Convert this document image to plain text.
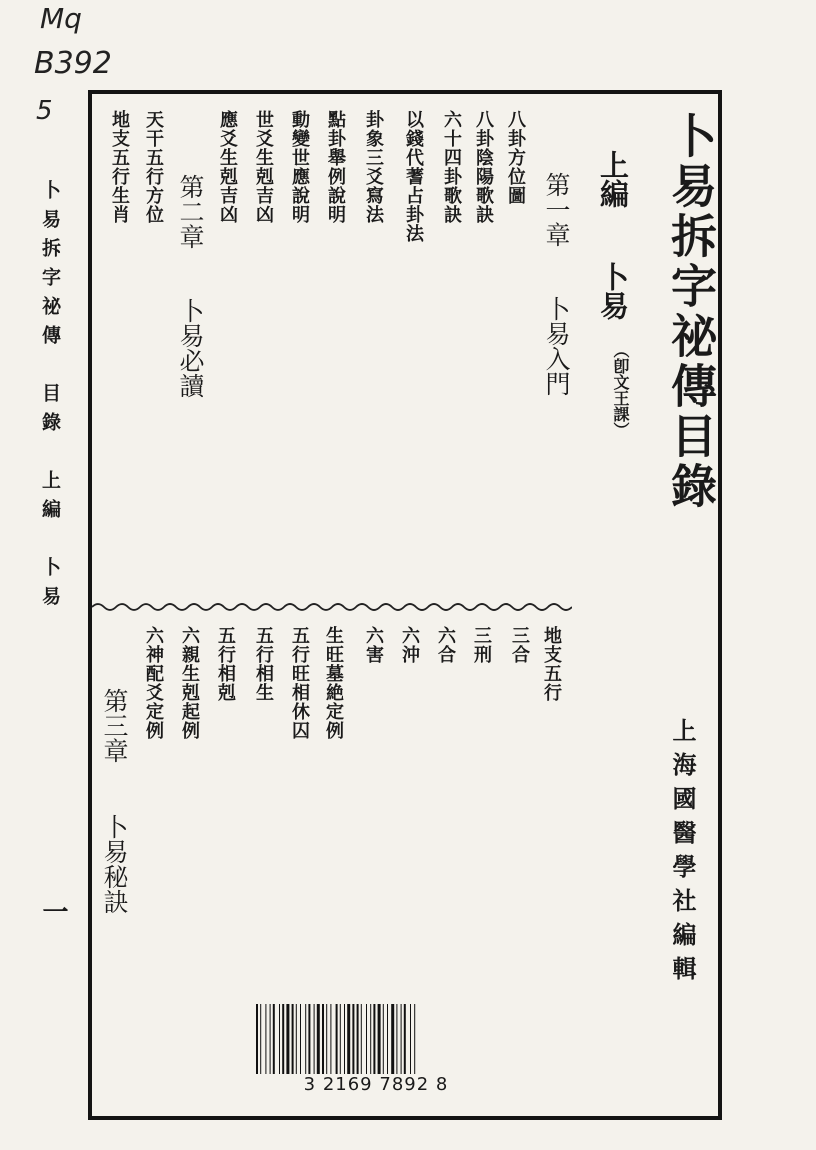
Mq
B392
5
卜易拆字祕傳　目錄　上編　卜易
一
卜易拆字祕傳目錄
上編
卜易
（卽文王課）
第一章
卜易入門
八卦方位圖
八卦陰陽歌訣
六十四卦歌訣
以錢代蓍占卦法
卦象三爻寫法
點卦舉例說明
動變世應說明
世爻生剋吉凶
應爻生剋吉凶
第二章
卜易必讀
天干五行方位
地支五行生肖
地支五行
三合
三刑
六合
六沖
六害
生旺墓絶定例
五行旺相休囚
五行相生
五行相剋
六親生剋起例
六神配爻定例
第三章
卜易秘訣	上海國醫學社編輯
3 2169 7892 8
